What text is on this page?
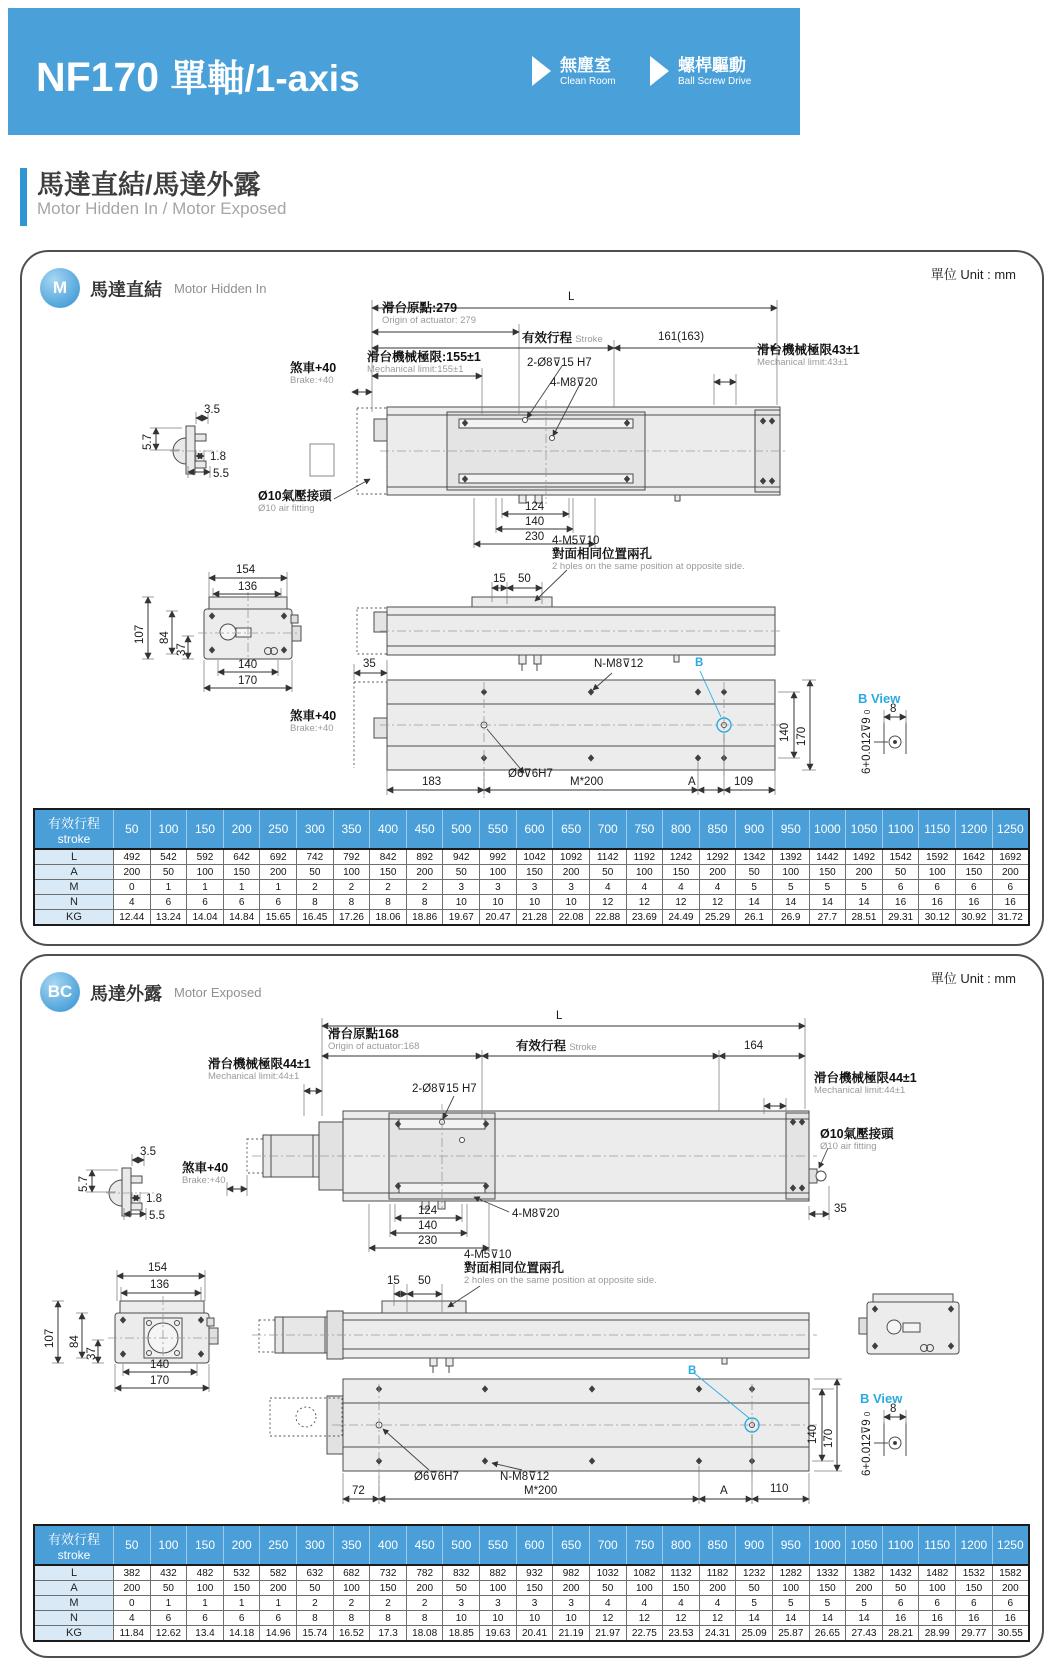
NF170 單軸/1-axis	無塵室
Clean Room
螺桿驅動
Ball Screw Drive
馬達直結/馬達外露
Motor Hidden In / Motor Exposed
M	馬達直結 Motor Hidden In
單位 Unit : mm
L
滑台原點:279
Origin of actuator: 279
有效行程 Stroke	161(163)
滑台機械極限:155±1
Mechanical limit:155±1
煞車+40
Brake:+40
2-Ø8⊽15 H7
4-M8⊽20
滑台機械極限43±1
Mechanical limit:43±1
Ø10氣壓接頭
Ø10 air fitting	124
140
230
3.5
5.7
1.8
5.5
154
136
107 84
37
140
170
15 50
4-M5⊽10
對面相同位置兩孔
2 holes on the same position at opposite side.
35	N-M8⊽12	B
煞車+40
Brake:+40
183
Ø6⊽6H7
M*200	A	109
140 170
B View
8
6+0.012⊽9 0
有效行程
stroke	50	100	150	200	250	300	350	400	450	500	550	600	650	700	750	800	850	900	950	1000	1050	1100	1150	1200	1250
L	492	542	592	642	692	742	792	842	892	942	992	1042	1092	1142	1192	1242	1292	1342	1392	1442	1492	1542	1592	1642	1692
A	200	50	100	150	200	50	100	150	200	50	100	150	200	50	100	150	200	50	100	150	200	50	100	150	200
M	0	1	1	1	1	2	2	2	2	3	3	3	3	4	4	4	4	5	5	5	5	6	6	6	6
N	4	6	6	6	6	8	8	8	8	10	10	10	10	12	12	12	12	14	14	14	14	16	16	16	16
KG	12.44	13.24	14.04	14.84	15.65	16.45	17.26	18.06	18.86	19.67	20.47	21.28	22.08	22.88	23.69	24.49	25.29	26.1	26.9	27.7	28.51	29.31	30.12	30.92	31.72
BC 馬達外露 Motor Exposed
單位 Unit : mm
L
滑台原點168
Origin of actuator:168	有效行程 Stroke	164
滑台機械極限44±1
Mechanical limit:44±1
2-Ø8⊽15 H7
滑台機械極限44±1
Mechanical limit:44±1
Ø10氣壓接頭
Ø10 air fitting
煞車+40
Brake:+40
35
124
140
230
4-M8⊽20
3.5
5.7
1.8
5.5
154
136
107 84
37
140
170
15 50
4-M5⊽10
對面相同位置兩孔
2 holes on the same position at opposite side.
B
72
Ø6⊽6H7	N-M8⊽12
M*200	A	110
140 170
B View
8
6+0.012⊽9 0
有效行程
stroke	50	100	150	200	250	300	350	400	450	500	550	600	650	700	750	800	850	900	950	1000	1050	1100	1150	1200	1250
L	382	432	482	532	582	632	682	732	782	832	882	932	982	1032	1082	1132	1182	1232	1282	1332	1382	1432	1482	1532	1582
A	200	50	100	150	200	50	100	150	200	50	100	150	200	50	100	150	200	50	100	150	200	50	100	150	200
M	0	1	1	1	1	2	2	2	2	3	3	3	3	4	4	4	4	5	5	5	5	6	6	6	6
N	4	6	6	6	6	8	8	8	8	10	10	10	10	12	12	12	12	14	14	14	14	16	16	16	16
KG	11.84	12.62	13.4	14.18	14.96	15.74	16.52	17.3	18.08	18.85	19.63	20.41	21.19	21.97	22.75	23.53	24.31	25.09	25.87	26.65	27.43	28.21	28.99	29.77	30.55
